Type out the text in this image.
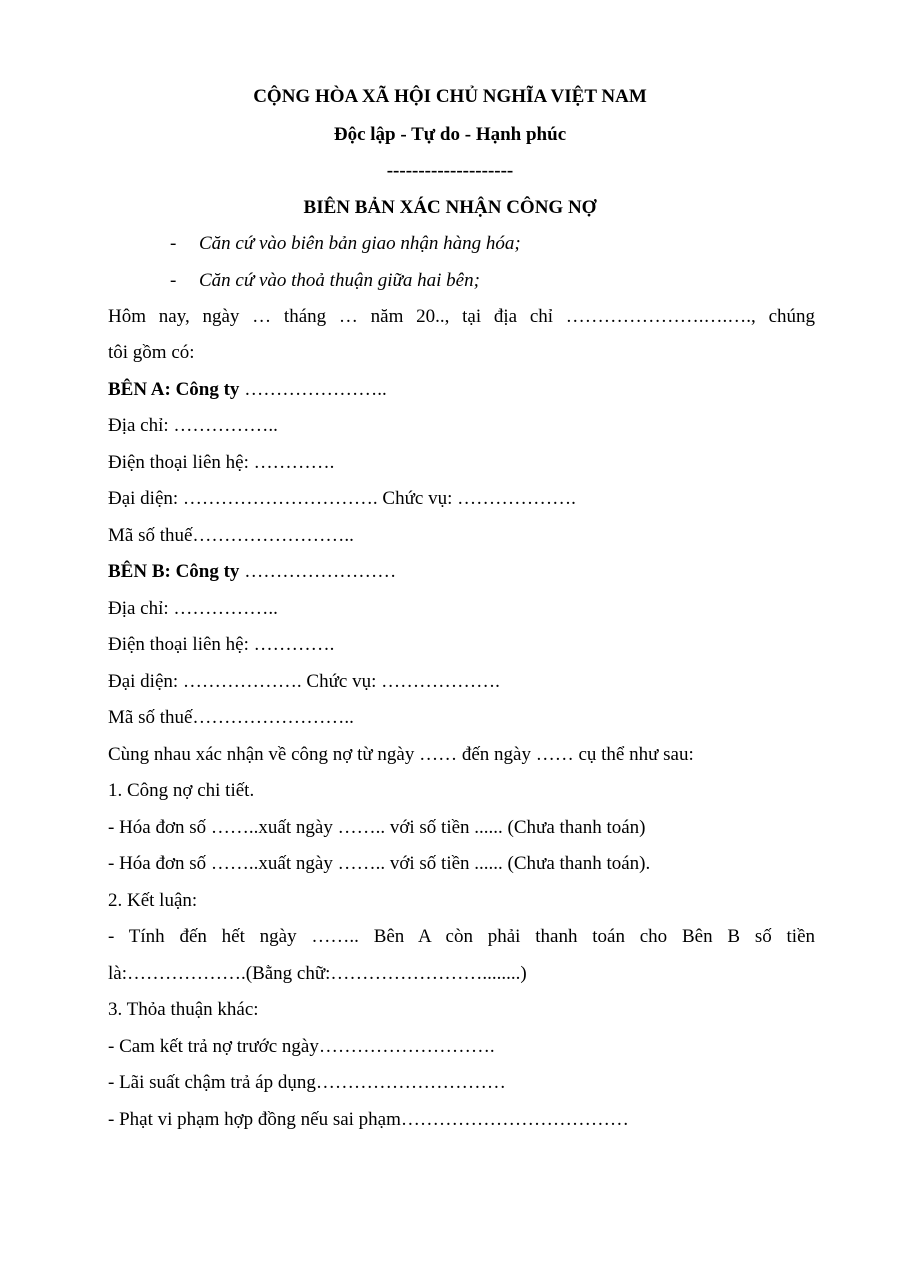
CỘNG HÒA XÃ HỘI CHỦ NGHĨA VIỆT NAM
Độc lập - Tự do - Hạnh phúc
--------------------
BIÊN BẢN XÁC NHẬN CÔNG NỢ
- Căn cứ vào biên bản giao nhận hàng hóa;
- Căn cứ vào thoả thuận giữa hai bên;
Hôm nay, ngày … tháng … năm 20.., tại địa chỉ ………………….….…., chúng
tôi gồm có:
BÊN A: Công ty …………………..
Địa chỉ: ……………..
Điện thoại liên hệ: ………….
Đại diện: …………………………. Chức vụ: ……………….
Mã số thuế……………………..
BÊN B: Công ty ……………………
Địa chỉ: ……………..
Điện thoại liên hệ: ………….
Đại diện: ………………. Chức vụ: ……………….
Mã số thuế……………………..
Cùng nhau xác nhận về công nợ từ ngày …… đến ngày …… cụ thể như sau:
1. Công nợ chi tiết.
- Hóa đơn số ……..xuất ngày …….. với số tiền ...... (Chưa thanh toán)
- Hóa đơn số ……..xuất ngày …….. với số tiền ...... (Chưa thanh toán).
2. Kết luận:
- Tính đến hết ngày …….. Bên A còn phải thanh toán cho Bên B số tiền
là:……………….(Bằng chữ:……………………........)
3. Thỏa thuận khác:
- Cam kết trả nợ trước ngày……………………….
- Lãi suất chậm trả áp dụng…………………………
- Phạt vi phạm hợp đồng nếu sai phạm………………………………
